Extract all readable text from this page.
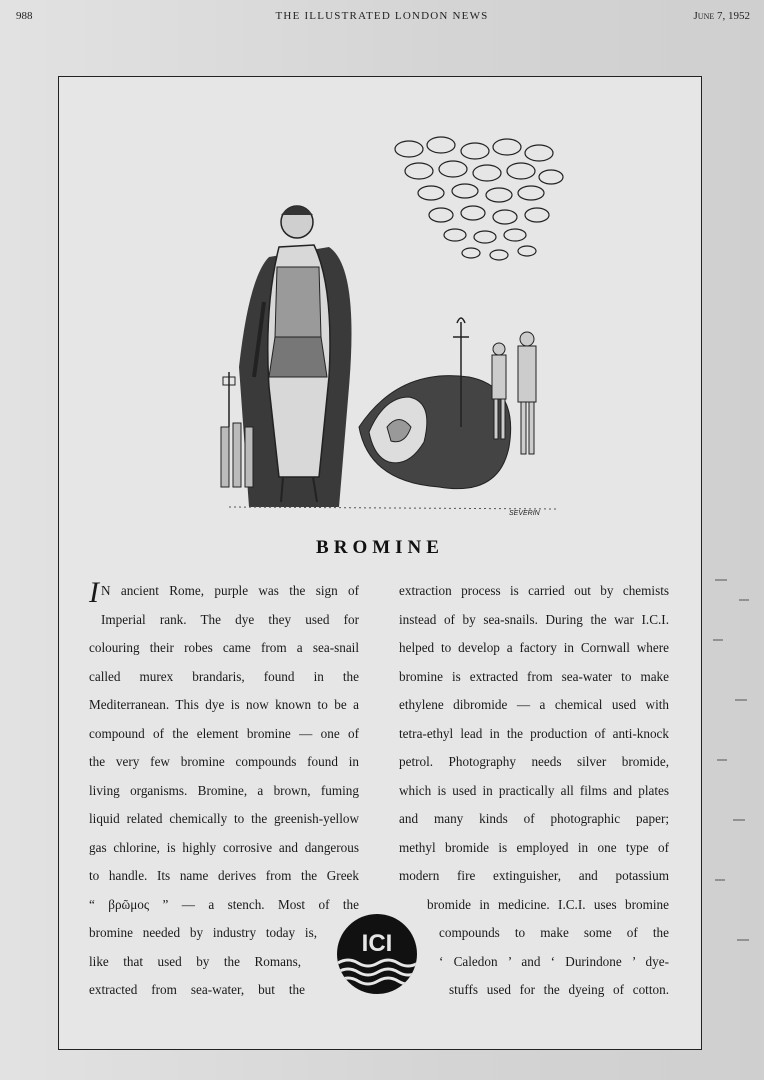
988	THE ILLUSTRATED LONDON NEWS	June 7, 1952
SEVERIN
BROMINE
I N ancient Rome, purple was the sign of
Imperial rank. The dye they used for
colouring their robes came from a sea-snail
called murex brandaris, found in the
Mediterranean. This dye is now known to be a
compound of the element bromine — one of
the very few bromine compounds found in
living organisms. Bromine, a brown, fuming
liquid related chemically to the greenish-yellow
gas chlorine, is highly corrosive and dangerous
to handle. Its name derives from the Greek
“ βρῶμος ” — a stench. Most of the
bromine needed by industry today is,
like that used by the Romans,
extracted from sea-water, but the
extraction process is carried out by chemists
instead of by sea-snails. During the war I.C.I.
helped to develop a factory in Cornwall where
bromine is extracted from sea-water to make
ethylene dibromide — a chemical used with
tetra-ethyl lead in the production of anti-knock
petrol. Photography needs silver bromide,
which is used in practically all films and plates
and many kinds of photographic paper;
methyl bromide is employed in one type of
modern fire extinguisher, and potassium
bromide in medicine. I.C.I. uses bromine
compounds to make some of the
‘ Caledon ’ and ‘ Durindone ’ dye-
stuffs used for the dyeing of cotton.
ICI
